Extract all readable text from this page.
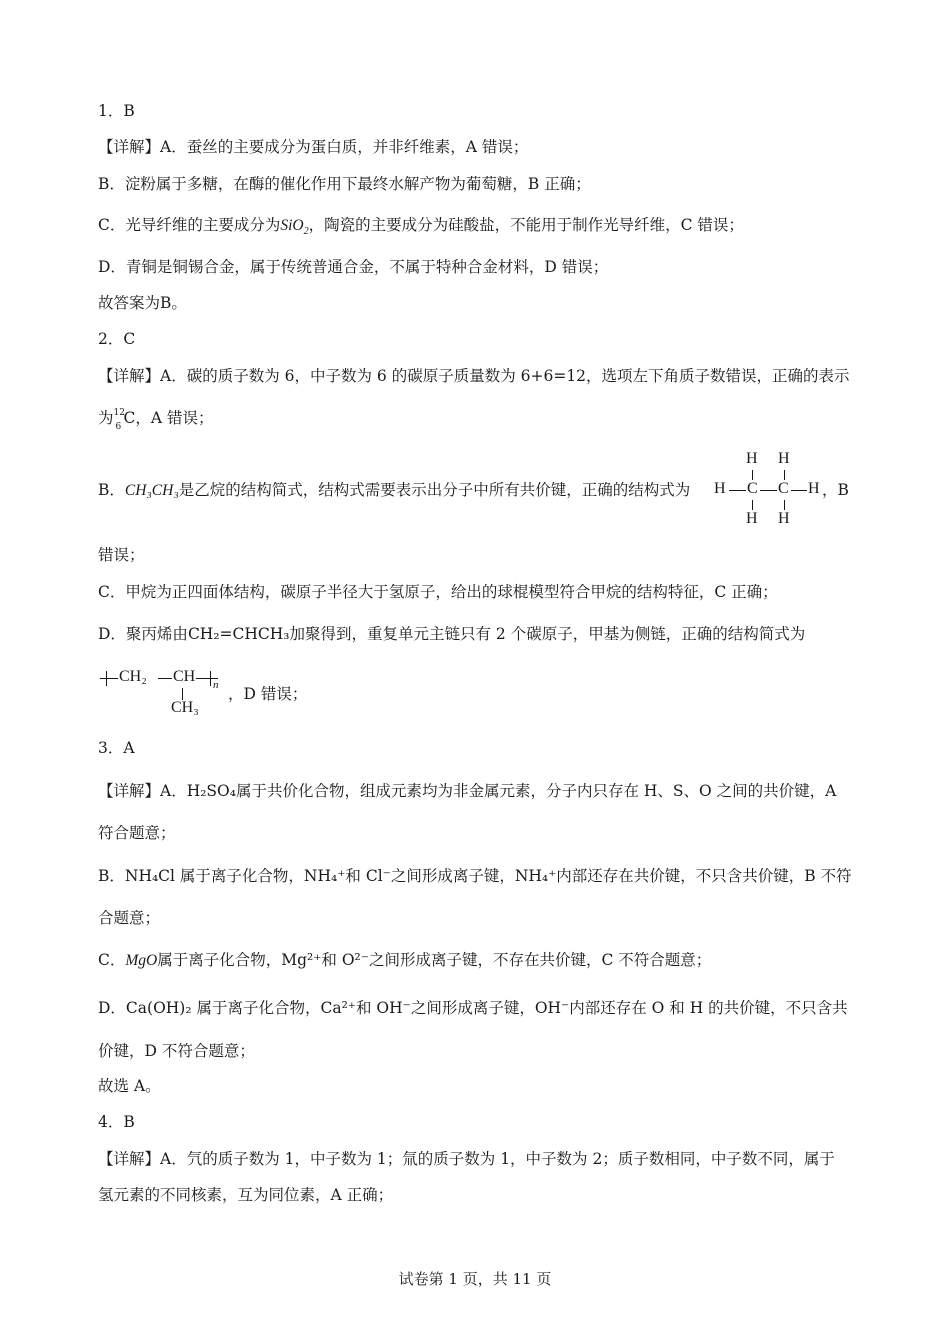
1．B
【详解】A．蚕丝的主要成分为蛋白质，并非纤维素，A 错误；
B．淀粉属于多糖，在酶的催化作用下最终水解产物为葡萄糖，B 正确；
C．光导纤维的主要成分为SiO$_2$，陶瓷的主要成分为硅酸盐，不能用于制作光导纤维，C 错误；
D．青铜是铜锡合金，属于传统普通合金，不属于特种合金材料，D 错误；
故答案为B。
2．C
【详解】A．碳的质子数为 6，中子数为 6 的碳原子质量数为 6+6=12，选项左下角质子数错误，正确的表示
为 12
6 C，A 错误；
B．CH₃CH₃是乙烷的结构简式，结构式需要表示出分子中所有共价键，正确的结构式为
H H
H C C H
H H
，B
错误；
C．甲烷为正四面体结构，碳原子半径大于氢原子，给出的球棍模型符合甲烷的结构特征，C 正确；
D．聚丙烯由CH₂=CHCH₃加聚得到，重复单元主链只有 2 个碳原子，甲基为侧链，正确的结构简式为
CH₂ CH n
CH₃
，D 错误；
3．A
【详解】A．H₂SO₄属于共价化合物，组成元素均为非金属元素，分子内只存在 H、S、O 之间的共价键，A
符合题意；
B．NH₄Cl 属于离子化合物，NH₄⁺和 Cl⁻之间形成离子键，NH₄⁺内部还存在共价键，不只含共价键，B 不符
合题意；
C．MgO属于离子化合物，Mg²⁺和 O²⁻之间形成离子键，不存在共价键，C 不符合题意；
D．Ca(OH)₂ 属于离子化合物，Ca²⁺和 OH⁻之间形成离子键，OH⁻内部还存在 O 和 H 的共价键，不只含共
价键，D 不符合题意；
故选 A。
4．B
【详解】A．氕的质子数为 1，中子数为 1；氚的质子数为 1，中子数为 2；质子数相同，中子数不同，属于
氢元素的不同核素，互为同位素，A 正确；
试卷第 1 页，共 11 页
